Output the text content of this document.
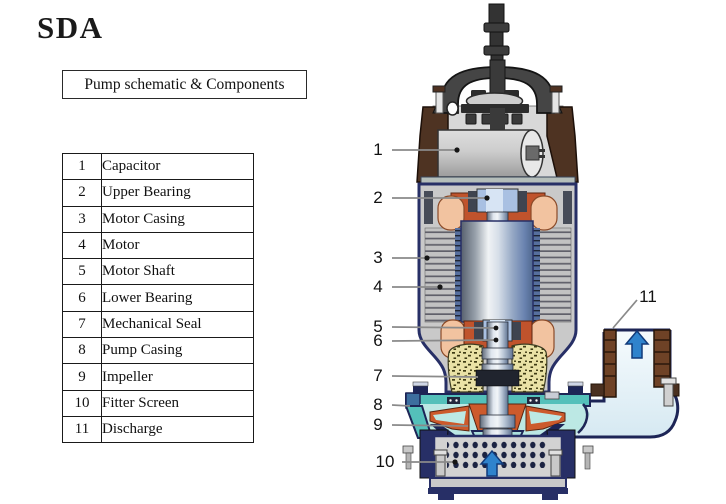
SDA
Pump schematic & Components
1	Capacitor
2	Upper Bearing
3	Motor Casing
4	Motor
5	Motor Shaft
6	Lower Bearing
7	Mechanical Seal
8	Pump Casing
9	Impeller
10	Fitter Screen
11	Discharge
1
2
3
4
5
6
7
8
9
10
11
